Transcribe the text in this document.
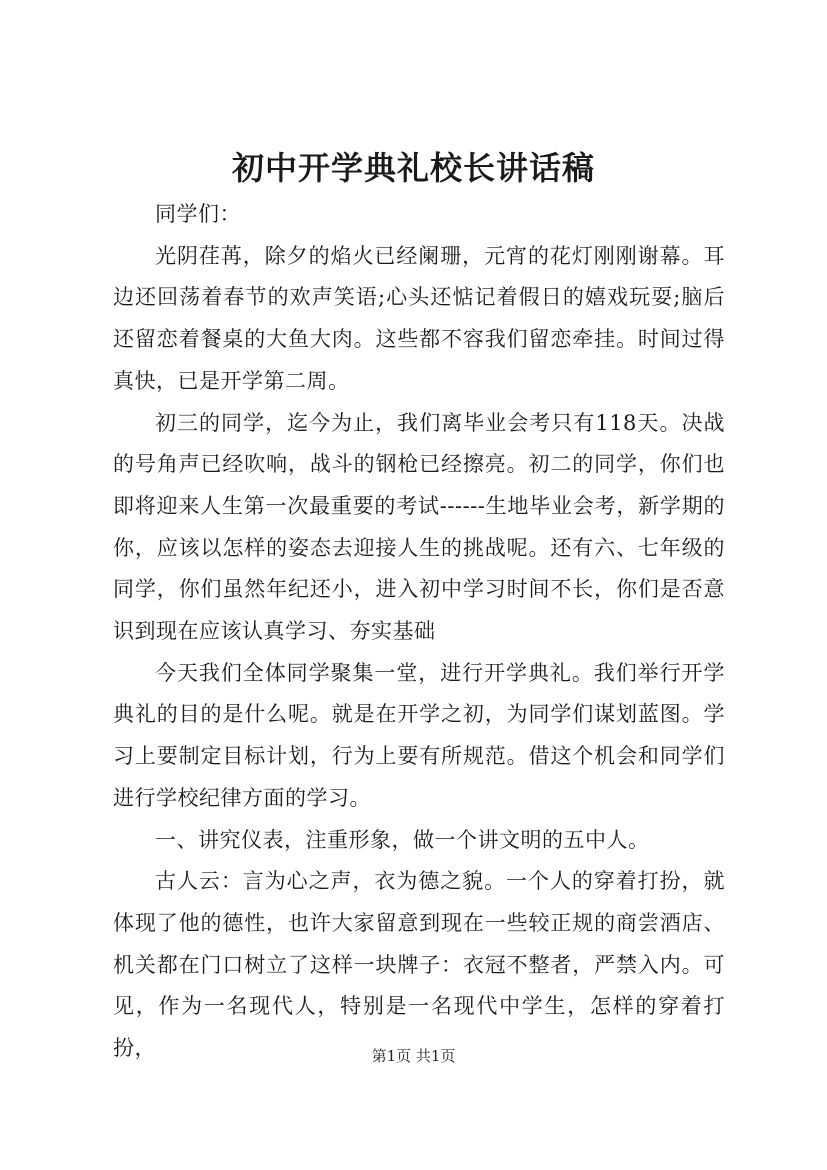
初中开学典礼校长讲话稿

同学们：

光阴荏苒，除夕的焰火已经阑珊，元宵的花灯刚刚谢幕。耳边还回荡着春节的欢声笑语;心头还惦记着假日的嬉戏玩耍;脑后还留恋着餐桌的大鱼大肉。这些都不容我们留恋牵挂。时间过得真快，已是开学第二周。

初三的同学，迄今为止，我们离毕业会考只有118天。决战的号角声已经吹响，战斗的钢枪已经擦亮。初二的同学，你们也即将迎来人生第一次最重要的考试------生地毕业会考，新学期的你，应该以怎样的姿态去迎接人生的挑战呢。还有六、七年级的同学，你们虽然年纪还小，进入初中学习时间不长，你们是否意识到现在应该认真学习、夯实基础

今天我们全体同学聚集一堂，进行开学典礼。我们举行开学典礼的目的是什么呢。就是在开学之初，为同学们谋划蓝图。学习上要制定目标计划，行为上要有所规范。借这个机会和同学们进行学校纪律方面的学习。

一、讲究仪表，注重形象，做一个讲文明的五中人。

古人云：言为心之声，衣为德之貌。一个人的穿着打扮，就体现了他的德性，也许大家留意到现在一些较正规的商尝酒店、机关都在门口树立了这样一块牌子：衣冠不整者，严禁入内。可见，作为一名现代人，特别是一名现代中学生，怎样的穿着打扮，	第1页 共1页
